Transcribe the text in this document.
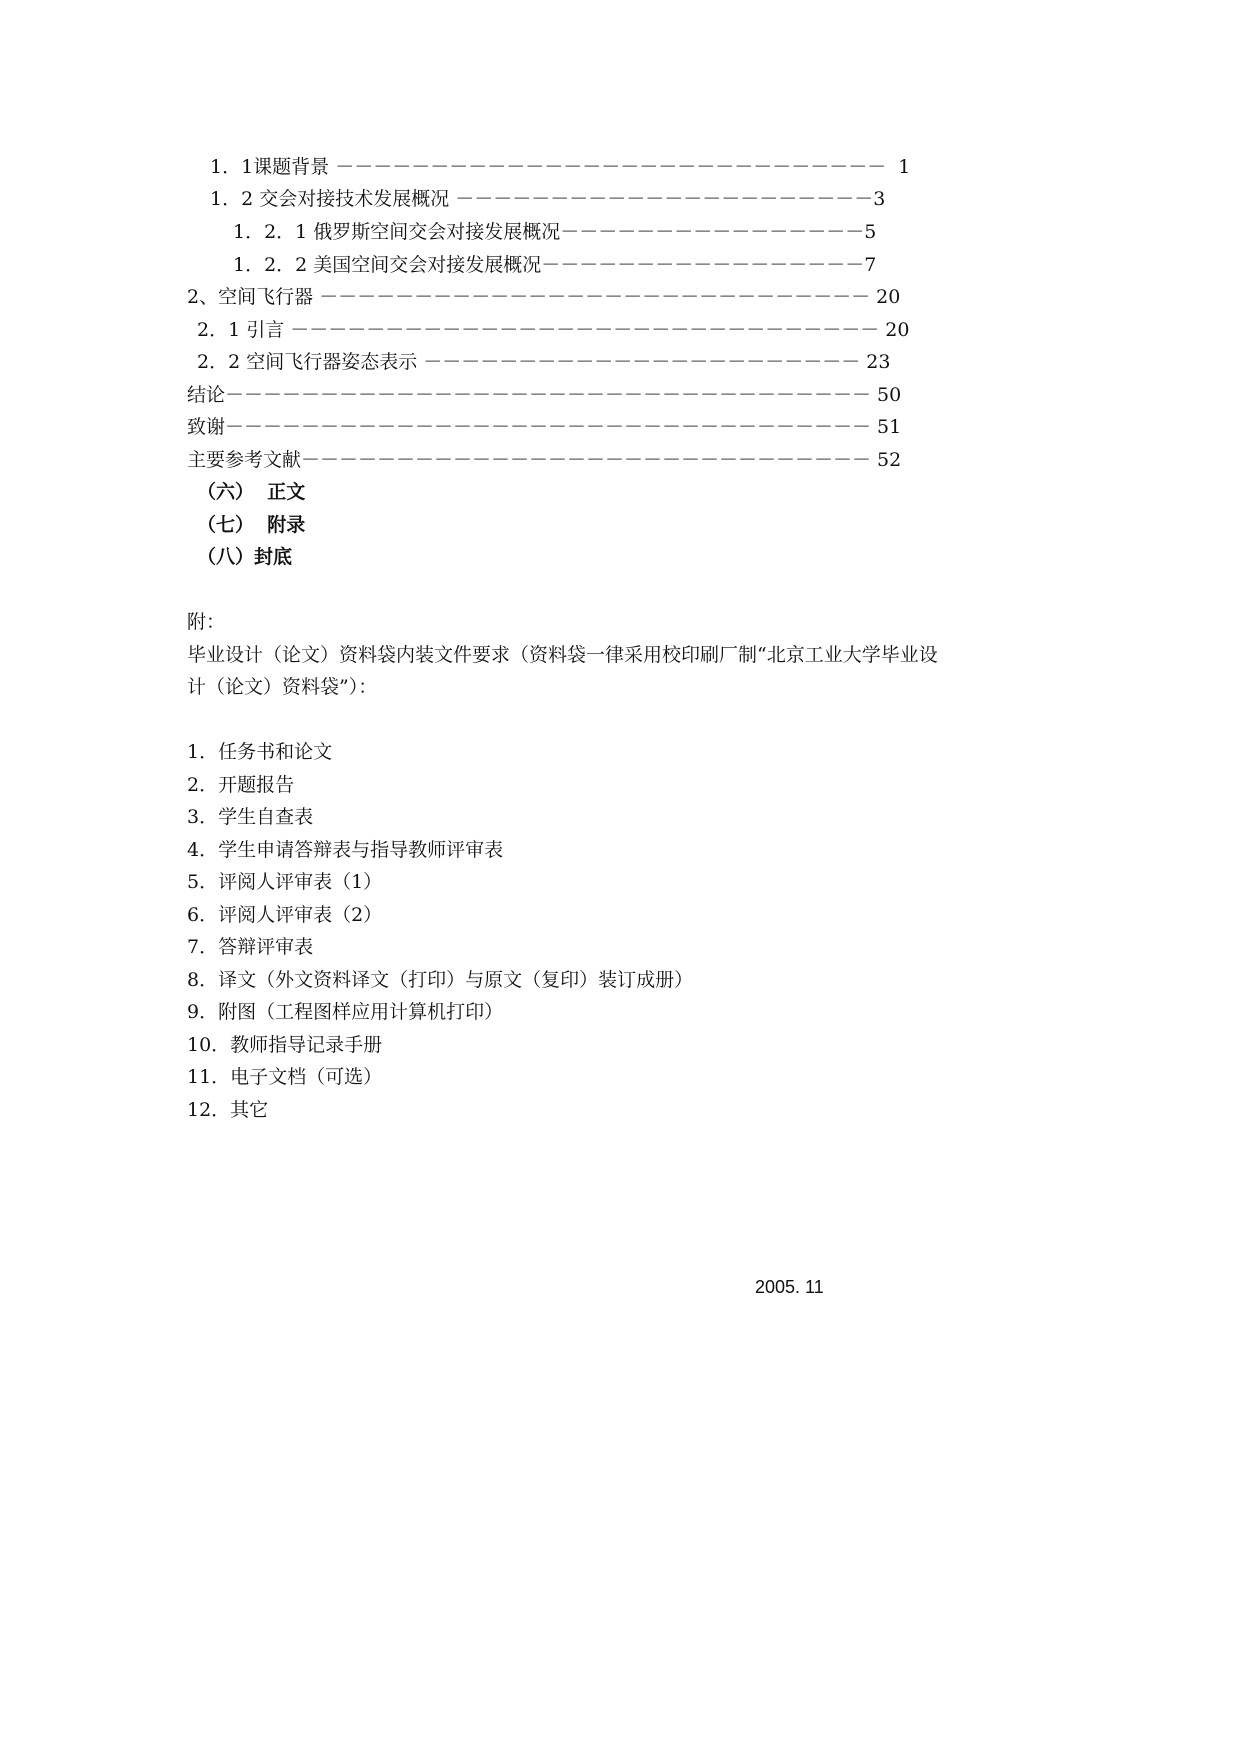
1．1课题背景 －－－－－－－－－－－－－－－－－－－－－－－－－－－－－  1
1．2 交会对接技术发展概况 －－－－－－－－－－－－－－－－－－－－－－3
1．2．1 俄罗斯空间交会对接发展概况－－－－－－－－－－－－－－－－5
1．2．2 美国空间交会对接发展概况－－－－－－－－－－－－－－－－－7
2、空间飞行器 －－－－－－－－－－－－－－－－－－－－－－－－－－－－－ 20
2．1 引言 －－－－－－－－－－－－－－－－－－－－－－－－－－－－－－－ 20
2．2 空间飞行器姿态表示 －－－－－－－－－－－－－－－－－－－－－－－ 23
结论－－－－－－－－－－－－－－－－－－－－－－－－－－－－－－－－－－ 50
致谢－－－－－－－－－－－－－－－－－－－－－－－－－－－－－－－－－－ 51
主要参考文献－－－－－－－－－－－－－－－－－－－－－－－－－－－－－－ 52
（六）  正文
（七）  附录
（八）封底
附：
毕业设计（论文）资料袋内装文件要求（资料袋一律采用校印刷厂制“北京工业大学毕业设
计（论文）资料袋”）：
1．任务书和论文
2．开题报告
3．学生自查表
4．学生申请答辩表与指导教师评审表
5．评阅人评审表（1）
6．评阅人评审表（2）
7．答辩评审表
8．译文（外文资料译文（打印）与原文（复印）装订成册）
9．附图（工程图样应用计算机打印）
10．教师指导记录手册
11．电子文档（可选）
12．其它
2005. 11
